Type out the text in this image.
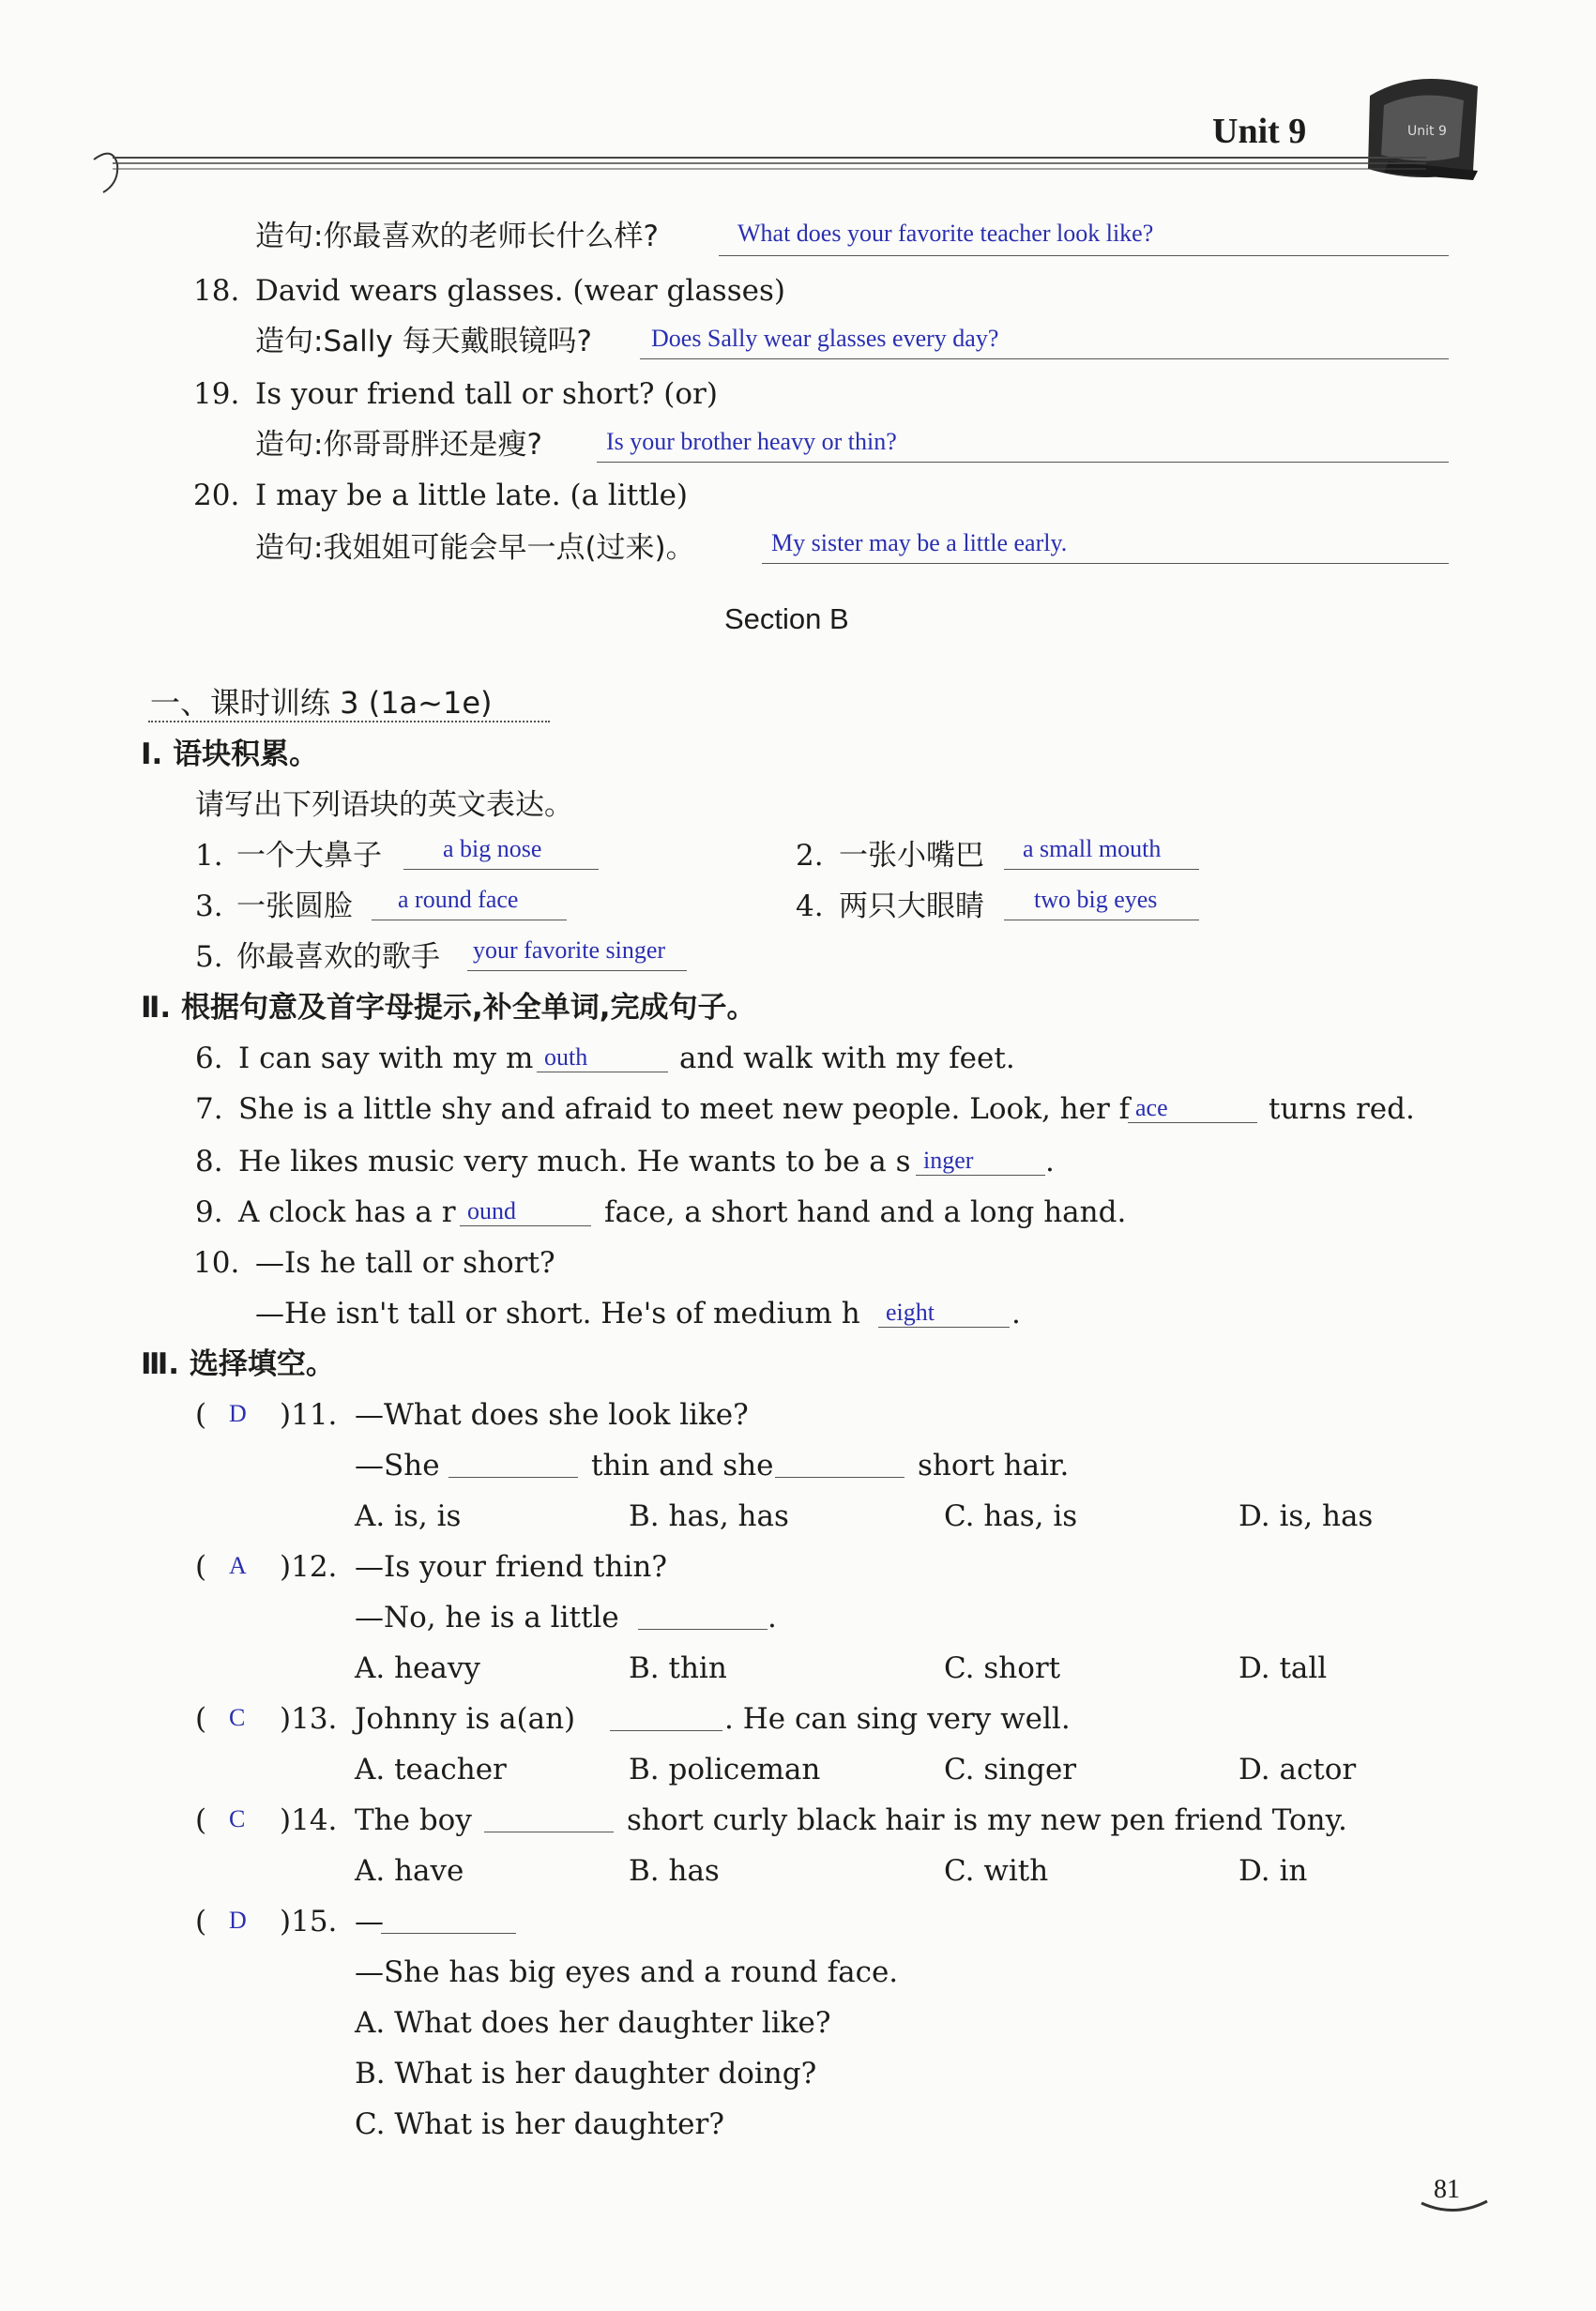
Unit 9	Unit 9
造句:你最喜欢的老师长什么样?	What does your favorite teacher look like?
18. David wears glasses. (wear glasses)
造句:Sally 每天戴眼镜吗? Does Sally wear glasses every day?
19. Is your friend tall or short? (or)
造句:你哥哥胖还是瘦?	Is your brother heavy or thin?
20. I may be a little late. (a little)
造句:我姐姐可能会早一点(过来)。	My sister may be a little early.
Section B
一、课时训练 3 (1a~1e)
Ⅰ. 语块积累。
请写出下列语块的英文表达。
1. 一个大鼻子	a big nose	2. 一张小嘴巴 a small mouth
3. 一张圆脸 a round face	4. 两只大眼睛 two big eyes
5. 你最喜欢的歌手 your favorite singer
Ⅱ. 根据句意及首字母提示,补全单词,完成句子。
6. I can say with my m outh	and walk with my feet.
7. She is a little shy and afraid to meet new people. Look, her f ace	turns red.
8. He likes music very much. He wants to be a s inger .
9. A clock has a r ound	face, a short hand and a long hand.
10. —Is he tall or short?
—He isn't tall or short. He's of medium h eight	.
Ⅲ. 选择填空。
( D )11. —What does she look like?
—She	thin and she	short hair.
A. is, is	B. has, has	C. has, is	D. is, has
( A )12. —Is your friend thin?
—No, he is a little	.
A. heavy	B. thin	C. short	D. tall
( C )13. Johnny is a(an)	. He can sing very well.
A. teacher	B. policeman	C. singer	D. actor
( C )14. The boy	short curly black hair is my new pen friend Tony.
A. have	B. has	C. with	D. in
( D )15. —
—She has big eyes and a round face.
A. What does her daughter like?
B. What is her daughter doing?
C. What is her daughter?
81
